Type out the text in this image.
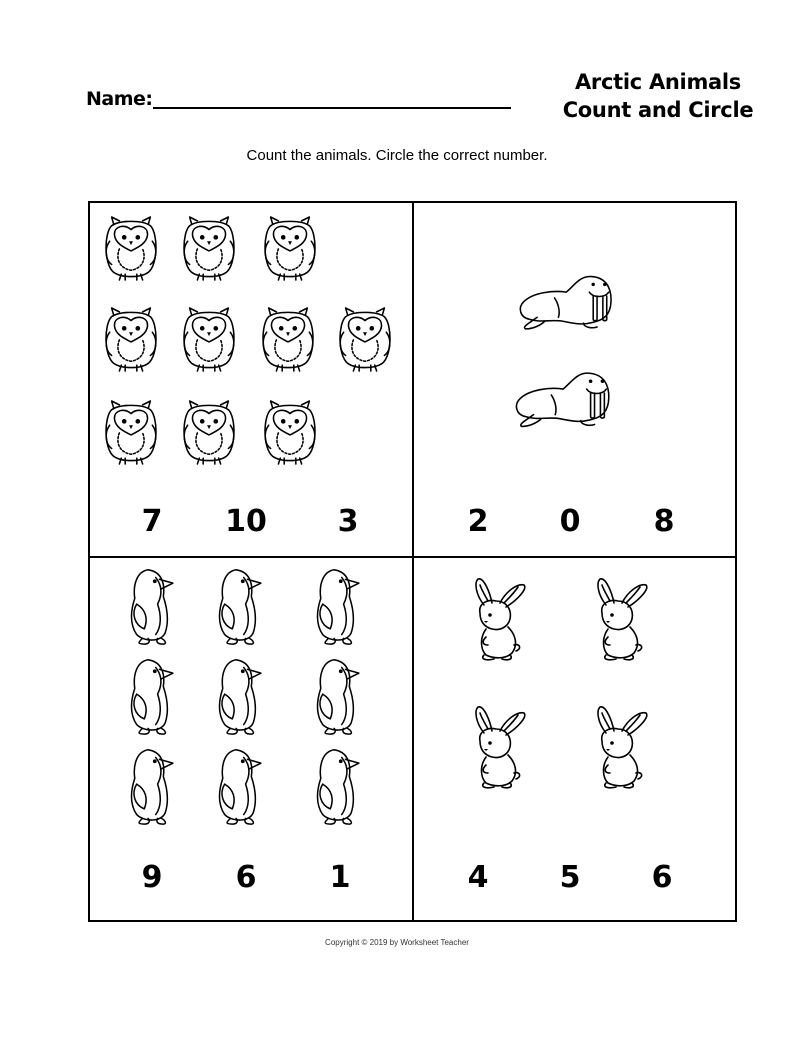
Name:
Arctic Animals
Count and Circle
Count the animals. Circle the correct number.
7	10	3	2	0	8
9	6	1	4	5	6
Copyright © 2019 by Worksheet Teacher
